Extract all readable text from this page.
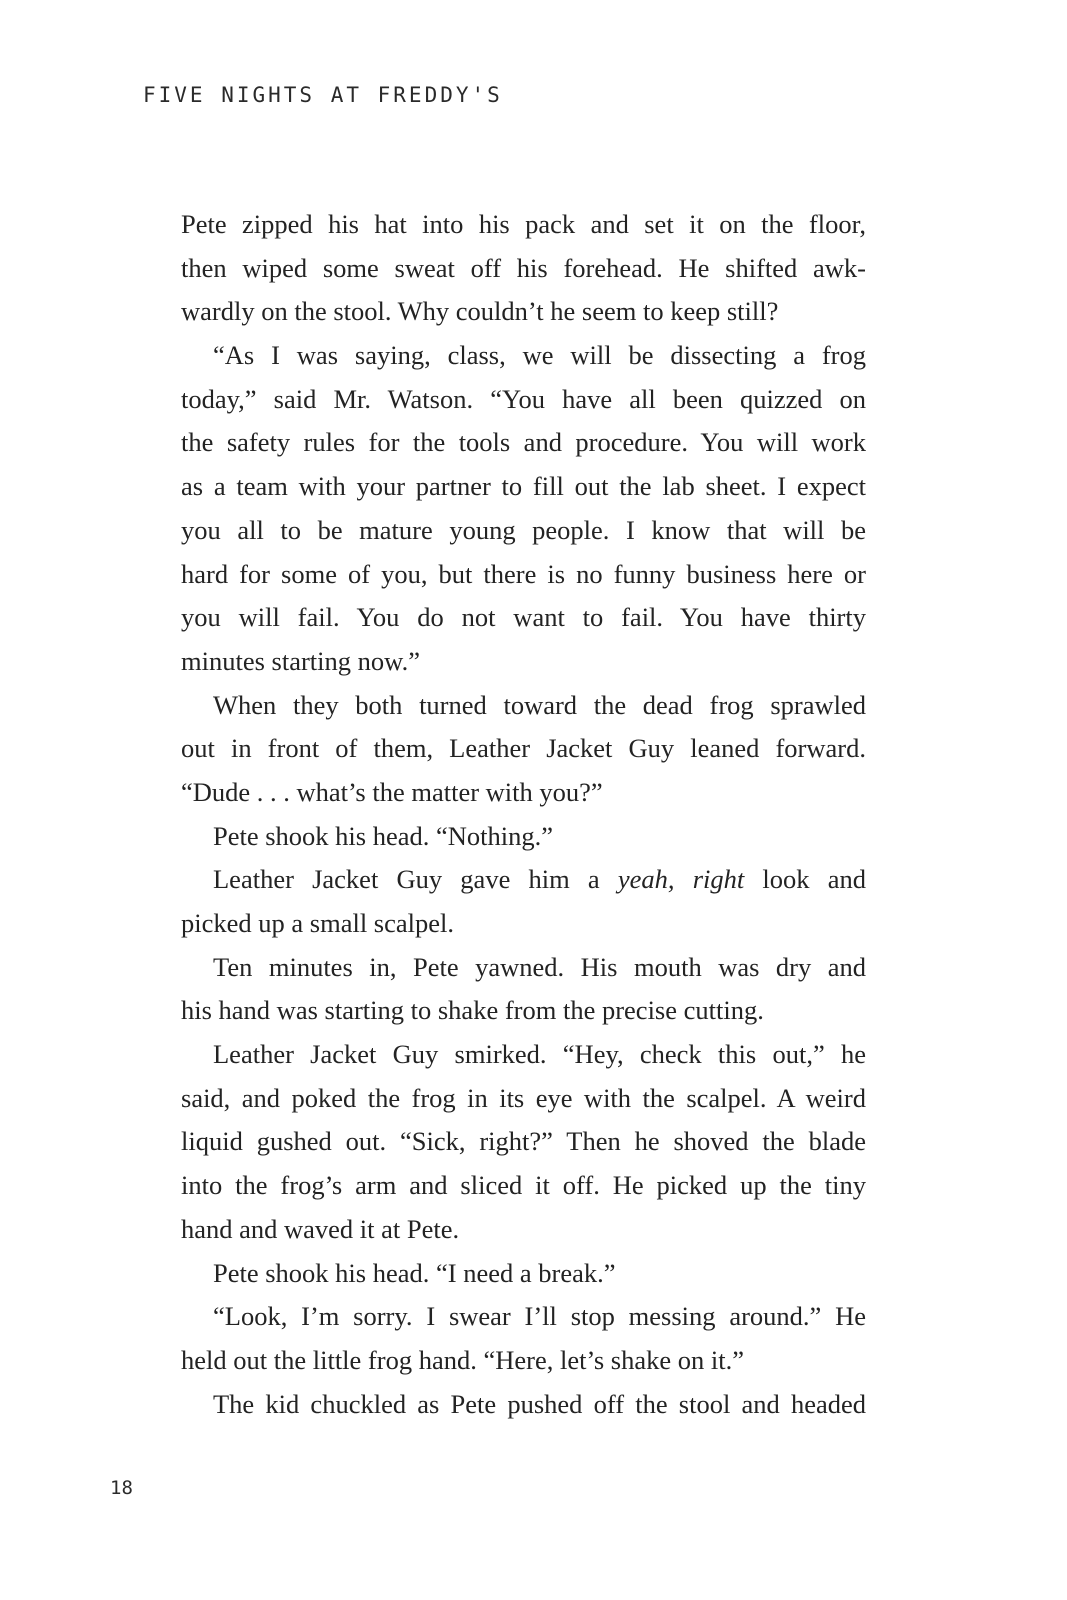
FIVE NIGHTS AT FREDDY'S
Pete zipped his hat into his pack and set it on the floor,
then wiped some sweat off his forehead. He shifted awk-
wardly on the stool. Why couldn’t he seem to keep still?
“As I was saying, class, we will be dissecting a frog
today,” said Mr. Watson. “You have all been quizzed on
the safety rules for the tools and procedure. You will work
as a team with your partner to fill out the lab sheet. I expect
you all to be mature young people. I know that will be
hard for some of you, but there is no funny business here or
you will fail. You do not want to fail. You have thirty
minutes starting now.”
When they both turned toward the dead frog sprawled
out in front of them, Leather Jacket Guy leaned forward.
“Dude . . . what’s the matter with you?”
Pete shook his head. “Nothing.”
Leather Jacket Guy gave him a yeah, right look and
picked up a small scalpel.
Ten minutes in, Pete yawned. His mouth was dry and
his hand was starting to shake from the precise cutting.
Leather Jacket Guy smirked. “Hey, check this out,” he
said, and poked the frog in its eye with the scalpel. A weird
liquid gushed out. “Sick, right?” Then he shoved the blade
into the frog’s arm and sliced it off. He picked up the tiny
hand and waved it at Pete.
Pete shook his head. “I need a break.”
“Look, I’m sorry. I swear I’ll stop messing around.” He
held out the little frog hand. “Here, let’s shake on it.”
The kid chuckled as Pete pushed off the stool and headed
18
